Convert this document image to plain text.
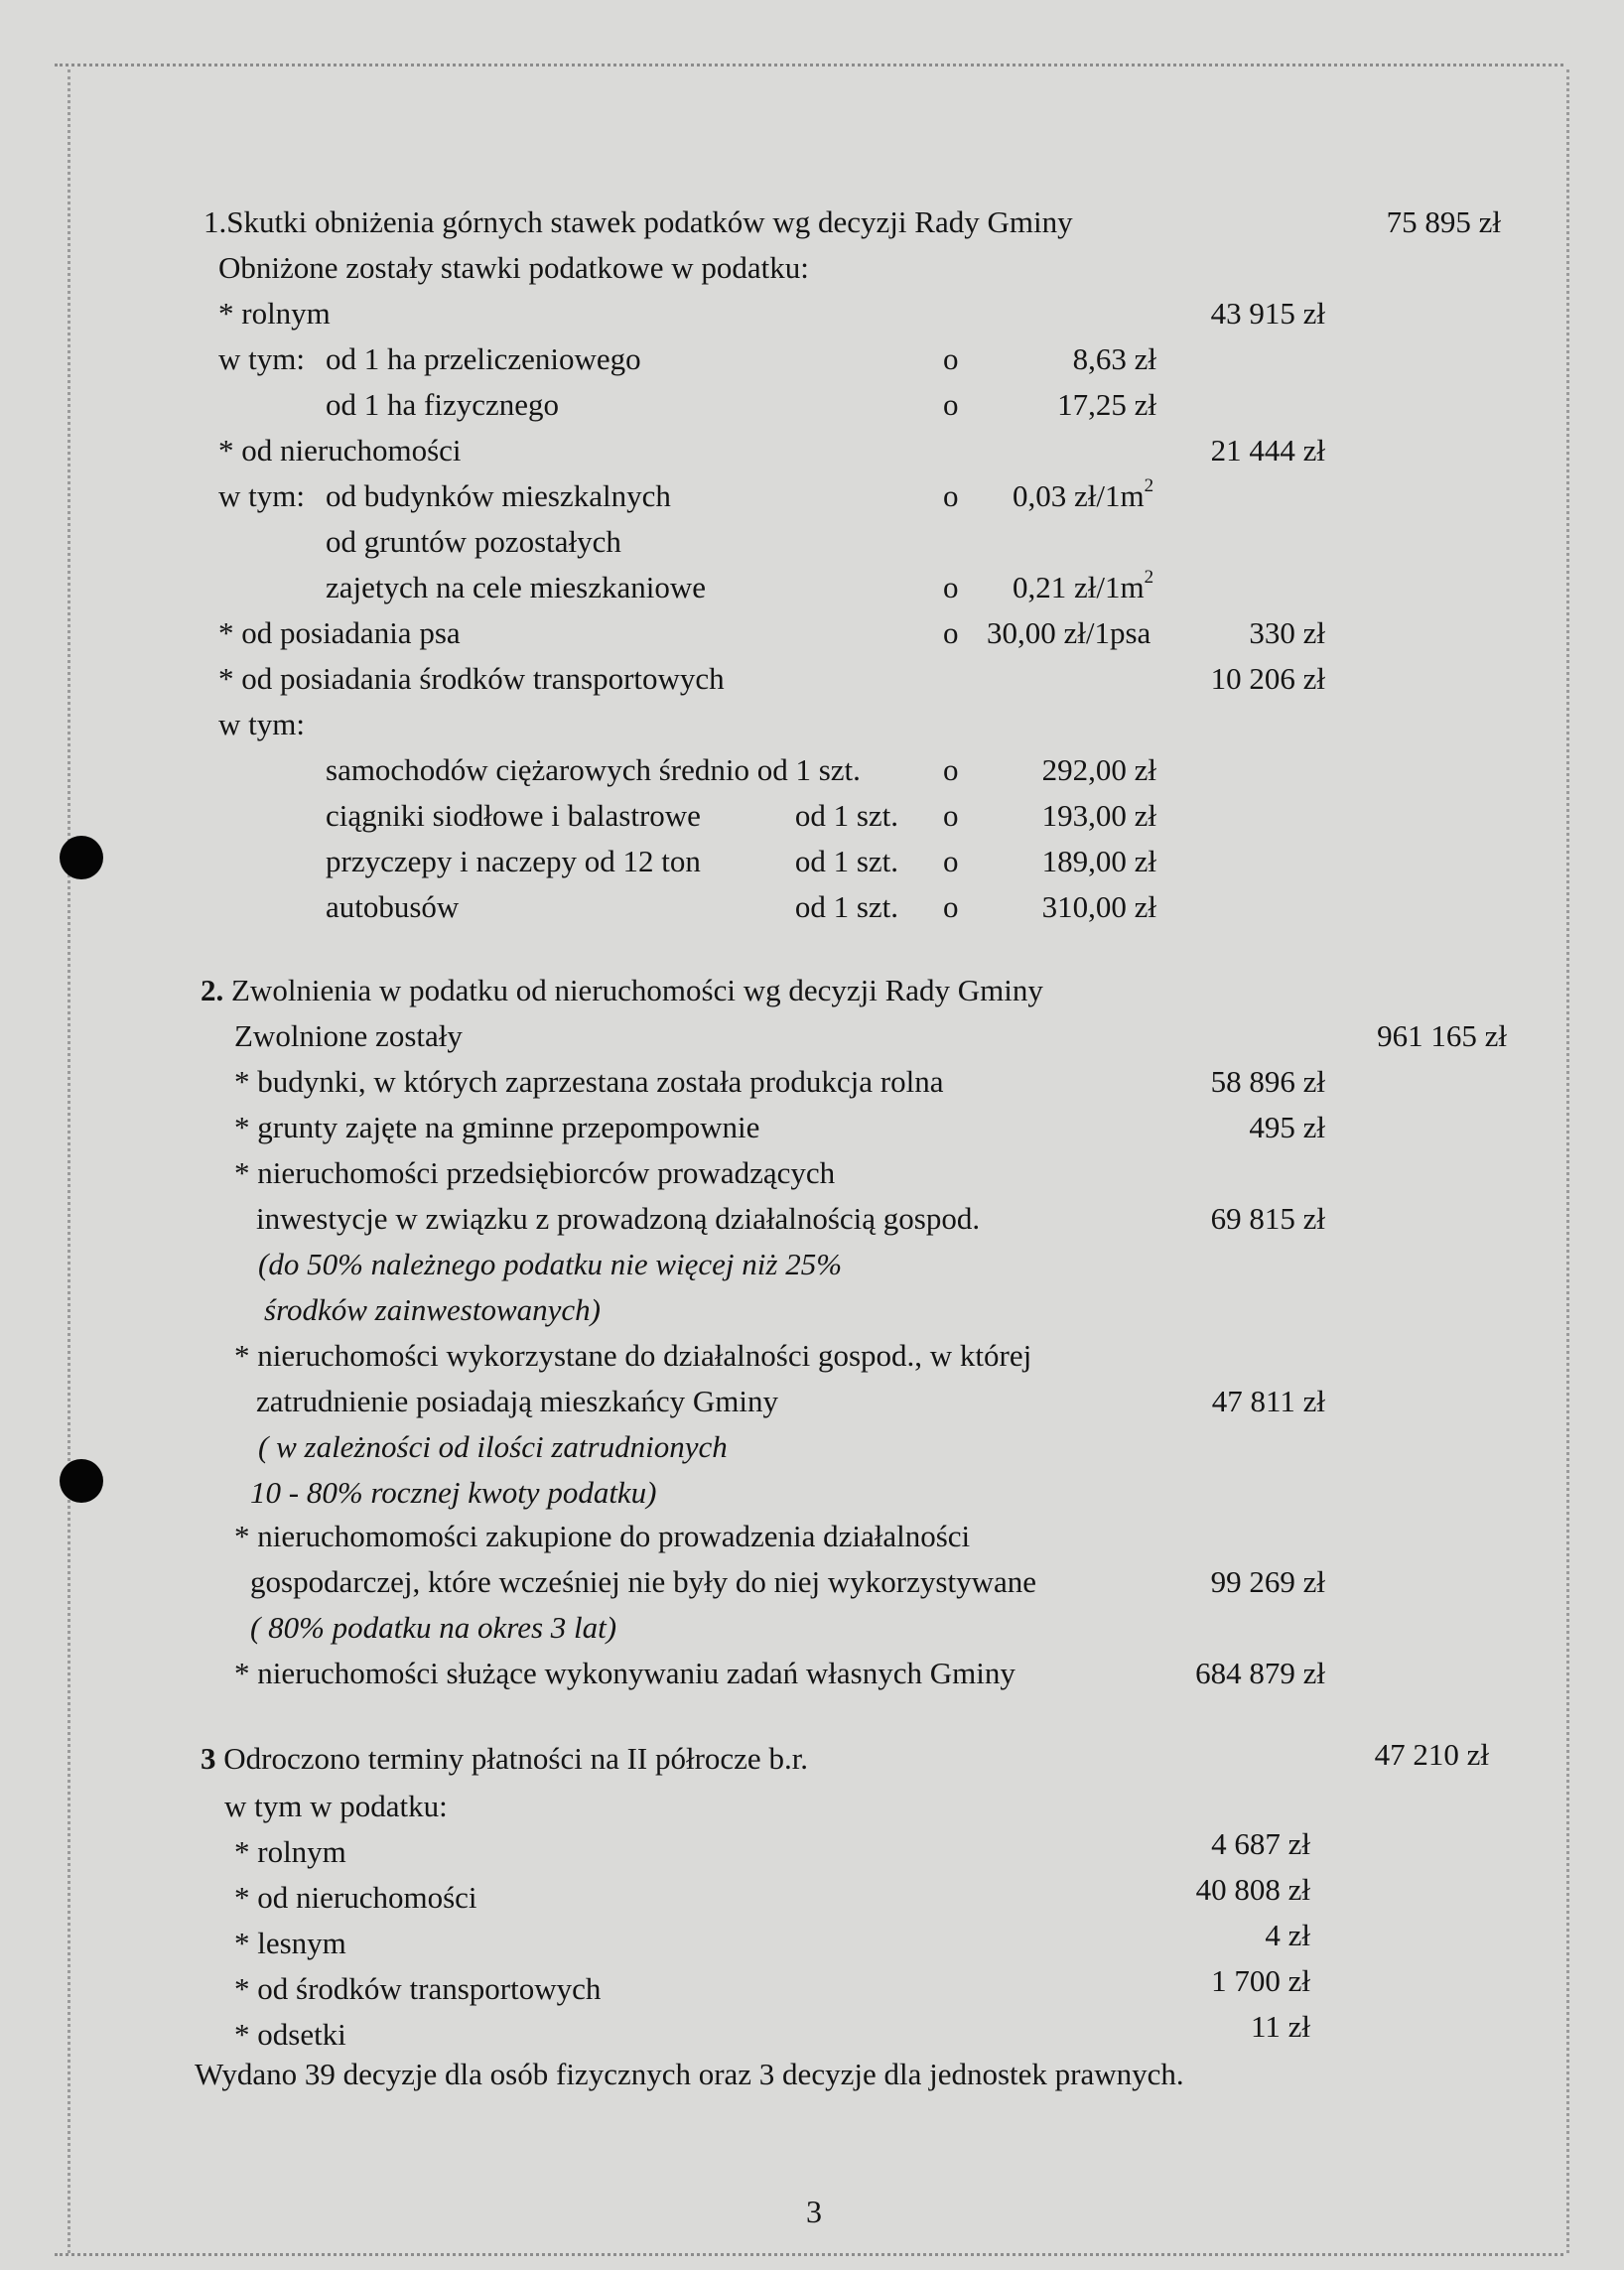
1.Skutki obniżenia górnych stawek podatków wg decyzji Rady Gminy	75 895 zł
Obniżone zostały stawki podatkowe w podatku:
* rolnym	43 915 zł
w tym: od 1 ha przeliczeniowego	o	8,63 zł
od 1 ha fizycznego	o	17,25 zł
* od nieruchomości	21 444 zł
w tym: od budynków mieszkalnych	o 0,03 $zł/1m^2$
od gruntów pozostałych
zajetych na cele mieszkaniowe	o 0,21 $zł/1m^2$
* od posiadania psa	o 30,00 zł/1psa	330 zł
* od posiadania środków transportowych	10 206 zł
w tym:
samochodów ciężarowych średnio od 1 szt.	o	292,00 zł
ciągniki siodłowe i balastrowe	od 1 szt. o	193,00 zł
przyczepy i naczepy od 12 ton	od 1 szt. o	189,00 zł
autobusów	od 1 szt. o	310,00 zł
2. Zwolnienia w podatku od nieruchomości wg decyzji Rady Gminy
Zwolnione zostały	961 165 zł
* budynki, w których zaprzestana została produkcja rolna	58 896 zł
* grunty zajęte na gminne przepompownie	495 zł
* nieruchomości przedsiębiorców prowadzących
inwestycje w związku z prowadzoną działalnością gospod.	69 815 zł
(do 50% należnego podatku nie więcej niż 25%
środków zainwestowanych)
* nieruchomości wykorzystane do działalności gospod., w której
zatrudnienie posiadają mieszkańcy Gminy	47 811 zł
( w zależności od ilości zatrudnionych
10 - 80% rocznej kwoty podatku)
* nieruchomomości zakupione do prowadzenia działalności
gospodarczej, które wcześniej nie były do niej wykorzystywane	99 269 zł
( 80% podatku na okres 3 lat)
* nieruchomości służące wykonywaniu zadań własnych Gminy	684 879 zł
3 Odroczono terminy płatności na II półrocze b.r.	47 210 zł
w tym w podatku:
* rolnym	4 687 zł
* od nieruchomości	40 808 zł
* lesnym	4 zł
* od środków transportowych	1 700 zł
* odsetki	11 zł
Wydano 39 decyzje dla osób fizycznych oraz 3 decyzje dla jednostek prawnych.
3
